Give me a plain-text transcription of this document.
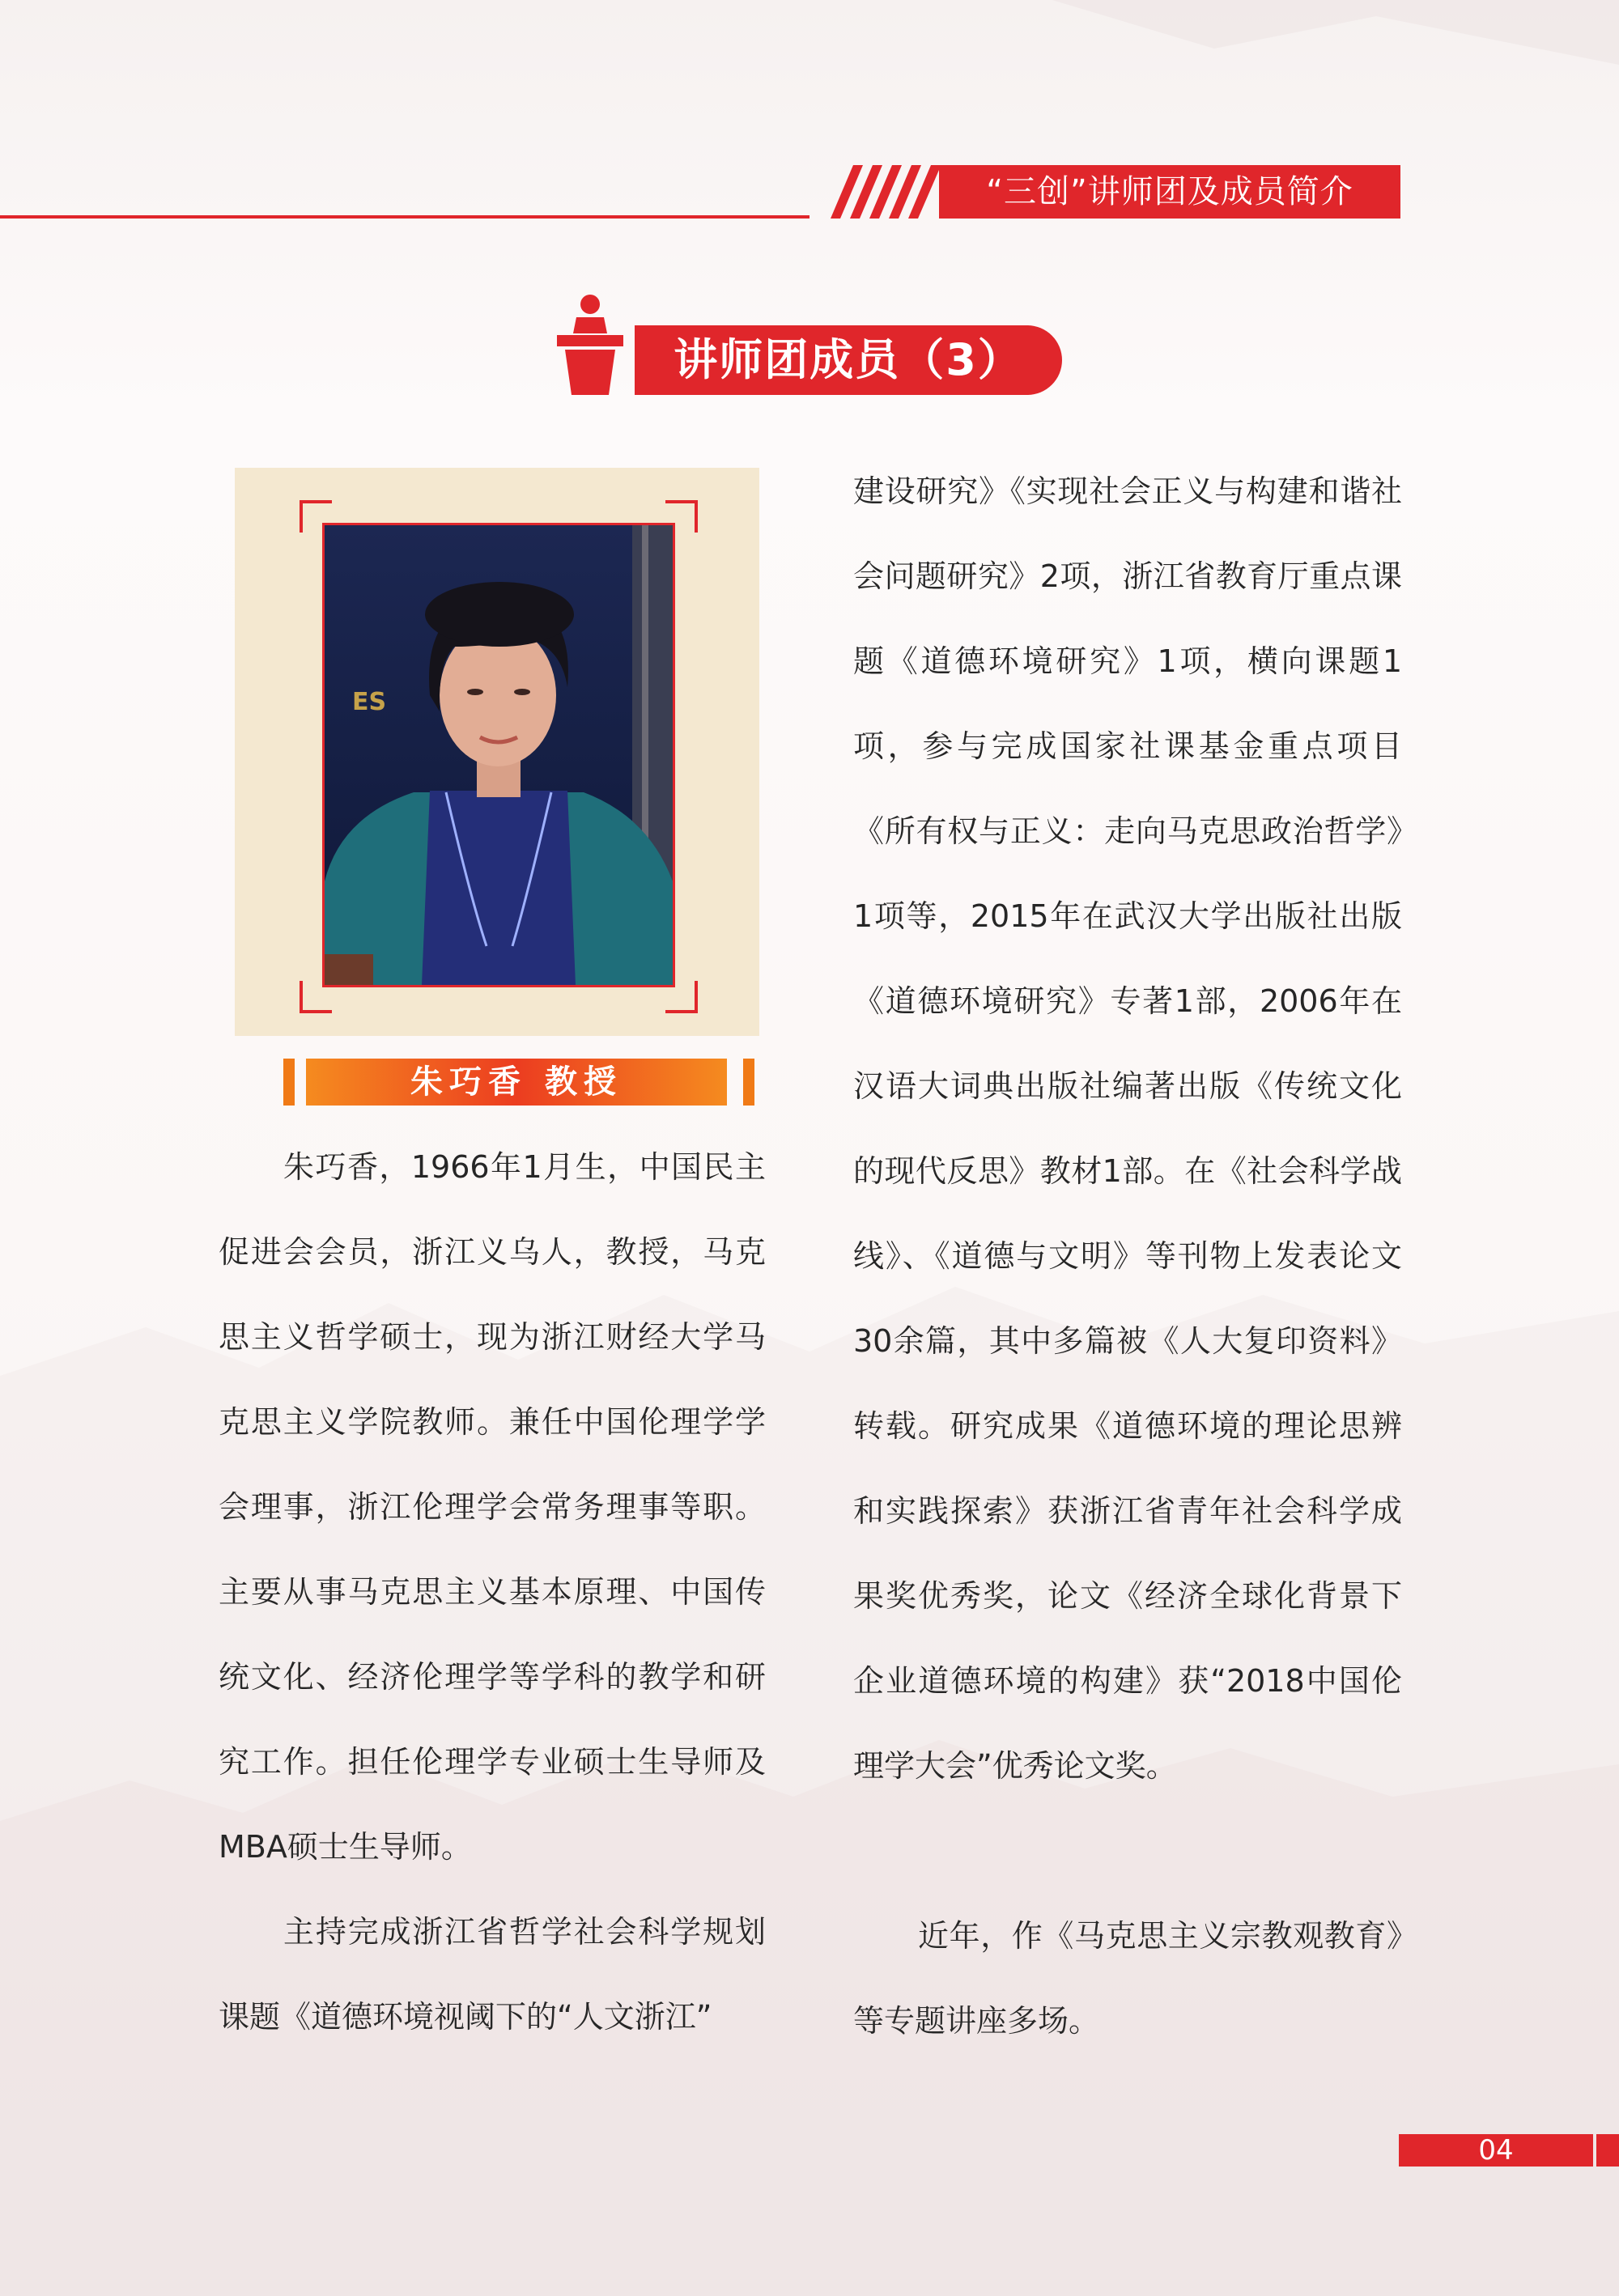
“三创”讲师团及成员简介
讲师团成员（3）
ES
朱巧香 教授

朱巧香，1966年1月生，中国民主促进会会员，浙江义乌人，教授，马克思主义哲学硕士，现为浙江财经大学马克思主义学院教师。兼任中国伦理学学会理事，浙江伦理学会常务理事等职。主要从事马克思主义基本原理、中国传统文化、经济伦理学等学科的教学和研究工作。担任伦理学专业硕士生导师及MBA硕士生导师。

主持完成浙江省哲学社会科学规划课题《道德环境视阈下的“人文浙江”

建设研究》《实现社会正义与构建和谐社会问题研究》2项，浙江省教育厅重点课题《道德环境研究》1项，横向课题1项，参与完成国家社课基金重点项目《所有权与正义：走向马克思政治哲学》1项等，2015年在武汉大学出版社出版《道德环境研究》专著1部，2006年在汉语大词典出版社编著出版《传统文化的现代反思》教材1部。在《社会科学战线》、《道德与文明》等刊物上发表论文30余篇，其中多篇被《人大复印资料》转载。研究成果《道德环境的理论思辨和实践探索》获浙江省青年社会科学成果奖优秀奖，论文《经济全球化背景下企业道德环境的构建》获“2018中国伦理学大会”优秀论文奖。

近年，作《马克思主义宗教观教育》等专题讲座多场。

04
